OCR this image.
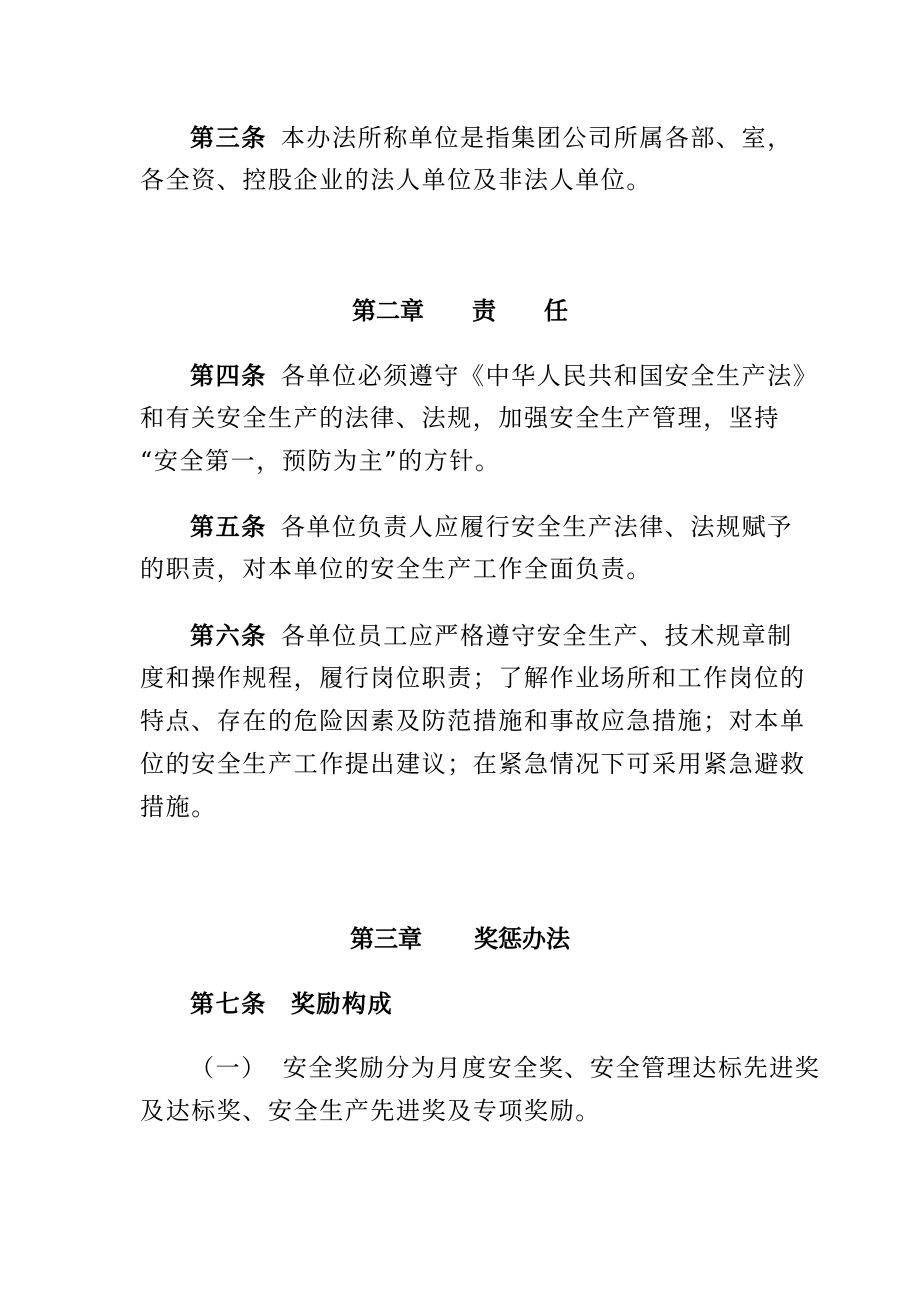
第三条 本办法所称单位是指集团公司所属各部、室，
各全资、控股企业的法人单位及非法人单位。
第二章 责 任
第四条 各单位必须遵守《中华人民共和国安全生产法》
和有关安全生产的法律、法规，加强安全生产管理，坚持
“安全第一，预防为主”的方针。
第五条 各单位负责人应履行安全生产法律、法规赋予
的职责，对本单位的安全生产工作全面负责。
第六条 各单位员工应严格遵守安全生产、技术规章制
度和操作规程，履行岗位职责；了解作业场所和工作岗位的
特点、存在的危险因素及防范措施和事故应急措施；对本单
位的安全生产工作提出建议；在紧急情况下可采用紧急避救
措施。
第三章 奖惩办法
第七条 奖励构成
（一） 安全奖励分为月度安全奖、安全管理达标先进奖
及达标奖、安全生产先进奖及专项奖励。
